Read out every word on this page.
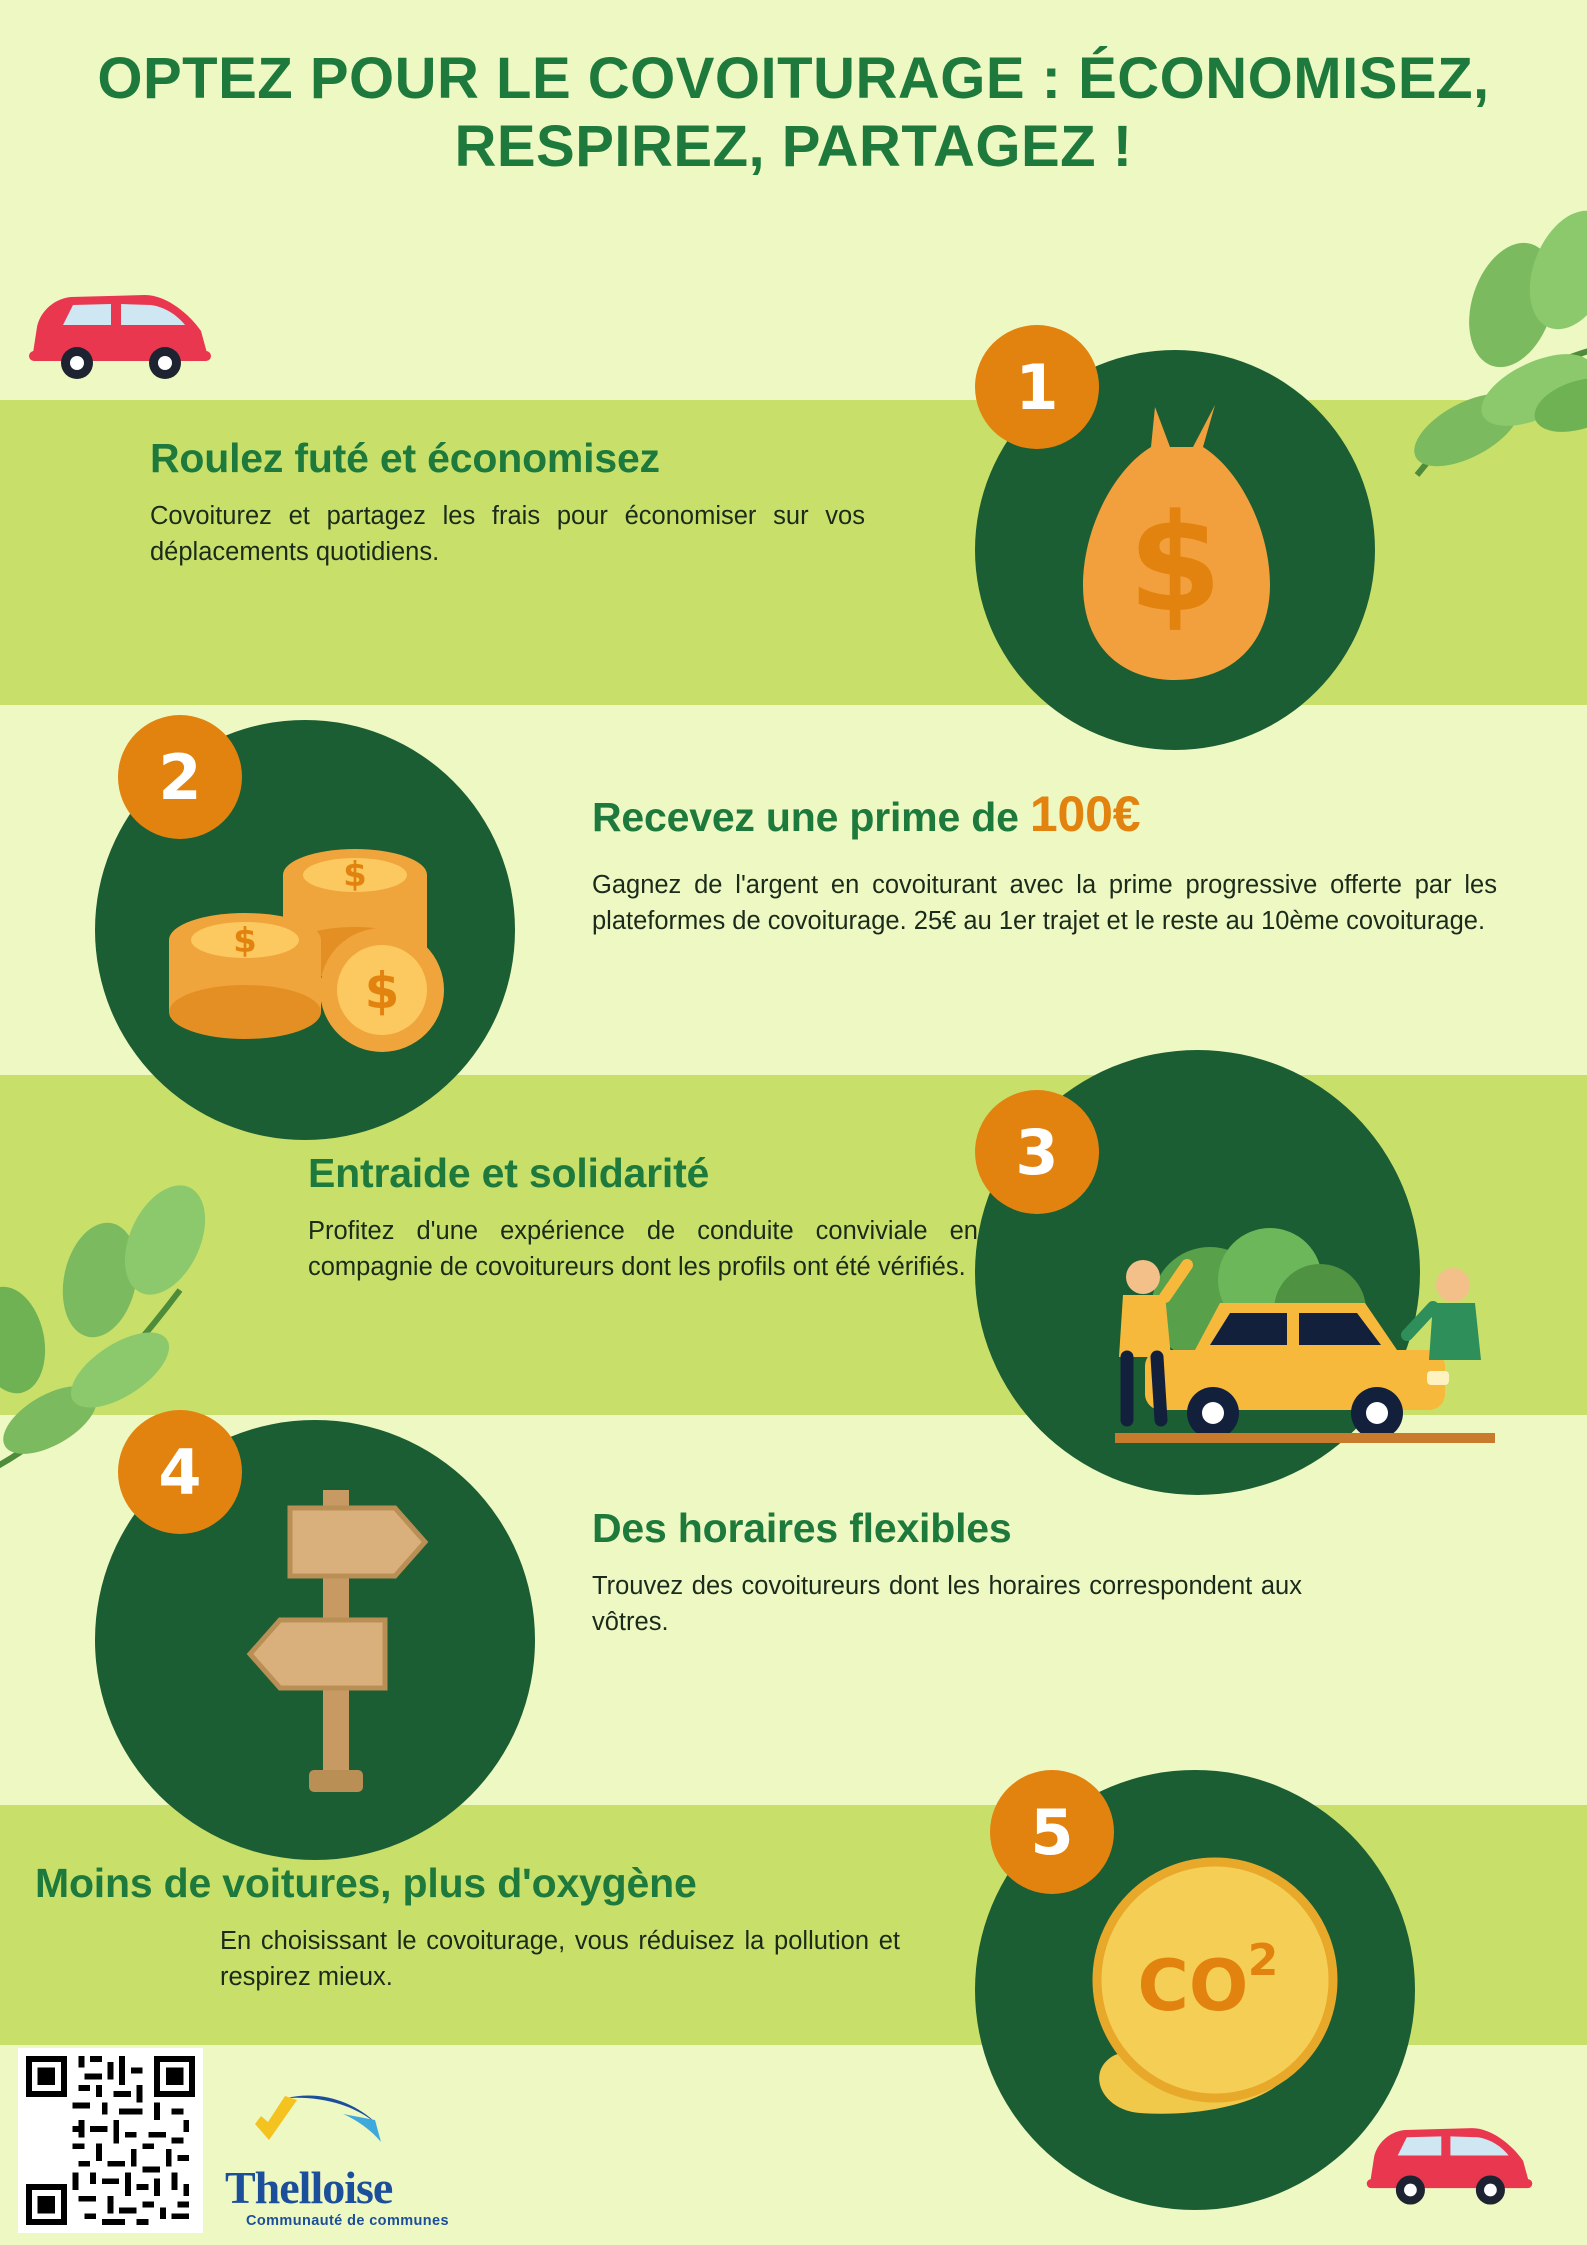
OPTEZ POUR LE COVOITURAGE : ÉCONOMISEZ, RESPIREZ, PARTAGEZ !
$
1
Roulez futé et économisez
Covoiturez et partagez les frais pour économiser sur vos déplacements quotidiens.
$
$
$
2
Recevez une prime de 100€
Gagnez de l'argent en covoiturant avec la prime progressive offerte par les plateformes de covoiturage. 25€ au 1er trajet et le reste au 10ème covoiturage.
3
Entraide et solidarité
Profitez d'une expérience de conduite conviviale en compagnie de covoitureurs dont les profils ont été vérifiés.
4
Des horaires flexibles
Trouvez des covoitureurs dont les horaires correspondent aux vôtres.
CO 2
5
Moins de voitures, plus d'oxygène
En choisissant le covoiturage, vous réduisez la pollution et respirez mieux.
Thelloise
Communauté de communes
